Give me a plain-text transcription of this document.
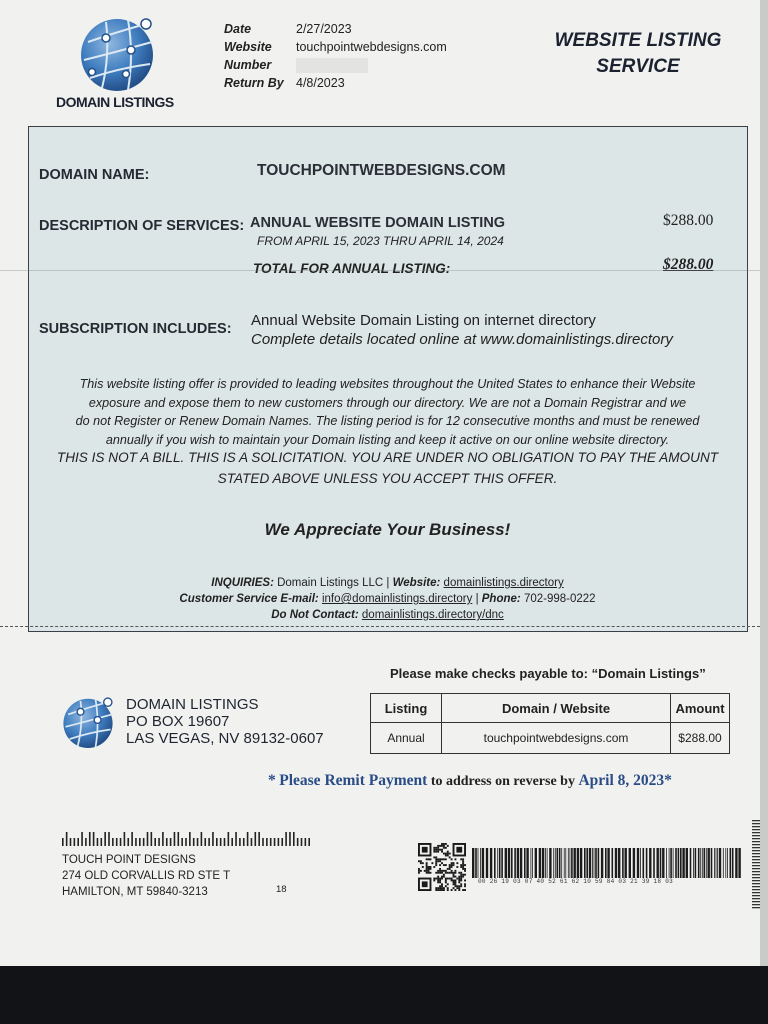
DOMAIN LISTINGS
Date	2/27/2023
Website	touchpointwebdesigns.com
Number
Return By 4/8/2023
WEBSITE LISTING
SERVICE
DOMAIN NAME:	TOUCHPOINTWEBDESIGNS.COM
DESCRIPTION OF SERVICES: ANNUAL WEBSITE DOMAIN LISTING
FROM APRIL 15, 2023 THRU APRIL 14, 2024
$288.00
TOTAL FOR ANNUAL LISTING:	$288.00
SUBSCRIPTION INCLUDES: Annual Website Domain Listing on internet directory
Complete details located online at www.domainlistings.directory
This website listing offer is provided to leading websites throughout the United States to enhance their Website
exposure and expose them to new customers through our directory. We are not a Domain Registrar and we
do not Register or Renew Domain Names. The listing period is for 12 consecutive months and must be renewed
annually if you wish to maintain your Domain listing and keep it active on our online website directory.
THIS IS NOT A BILL. THIS IS A SOLICITATION. YOU ARE UNDER NO OBLIGATION TO PAY THE AMOUNT
STATED ABOVE UNLESS YOU ACCEPT THIS OFFER.
We Appreciate Your Business!
INQUIRIES: Domain Listings LLC | Website: domainlistings.directory
Customer Service E-mail: info@domainlistings.directory | Phone: 702-998-0222
Do Not Contact: domainlistings.directory/dnc
Please make checks payable to: “Domain Listings”
DOMAIN LISTINGS
PO BOX 19607
LAS VEGAS, NV 89132-0607
Listing	Domain / Website	Amount
Annual	touchpointwebdesigns.com	$288.00
* Please Remit Payment to address on reverse by April 8, 2023*
TOUCH POINT DESIGNS
274 OLD CORVALLIS RD STE T
HAMILTON, MT 59840-3213	18
00 26 19 03 07 40 52 61 62 10 59 84 03 21 39 18 03
